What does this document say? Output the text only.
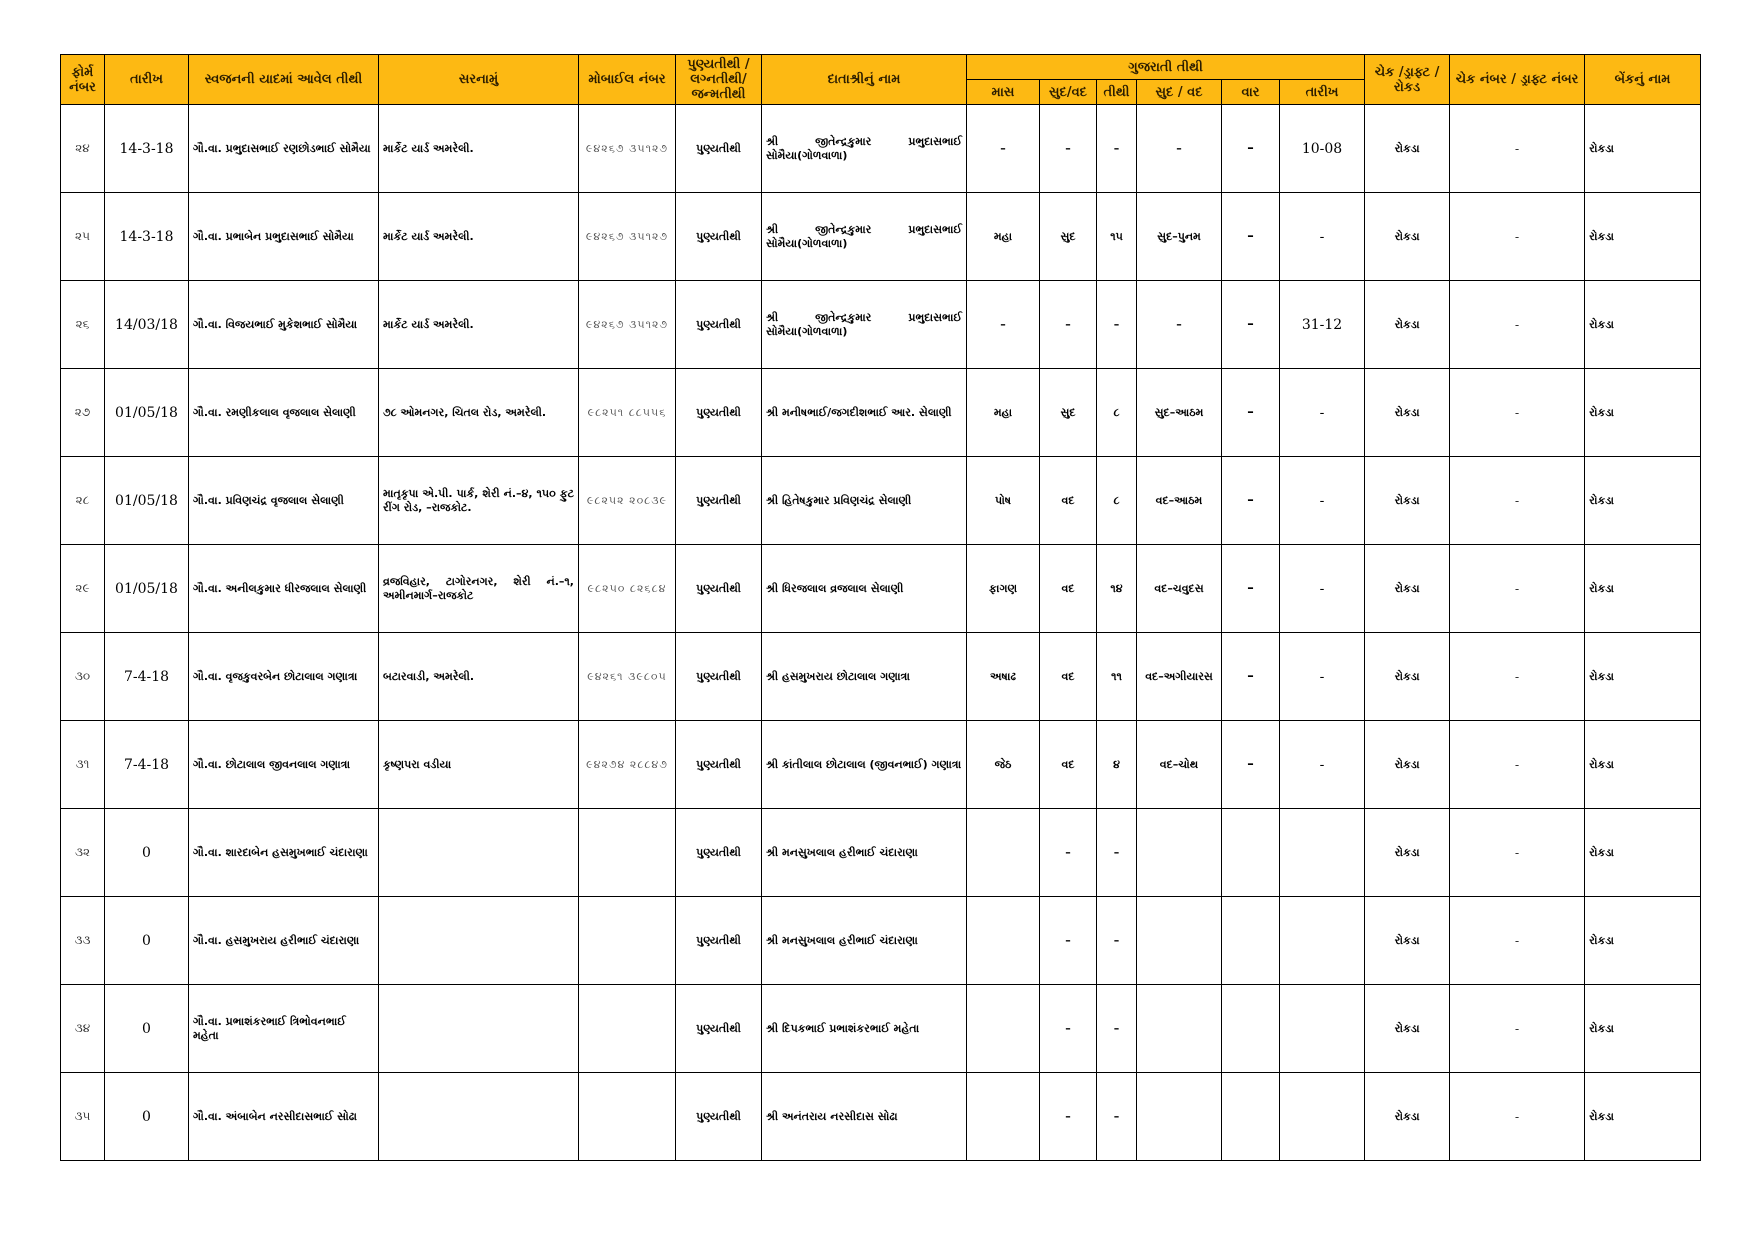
ફોર્મ નંબર	તારીખ	સ્વજનની યાદમાં આવેલ તીથી	સરનામું	મોબાઈલ નંબર	પુણ્યતીથી / લગ્નતીથી/ જન્મતીથી	દાતાશ્રીનું નામ	ગુજરાતી તીથી						ચેક /ડ્રાફ્ટ / રોકડ	ચેક નંબર / ડ્રાફ્ટ નંબર	બેંકનું નામ
							માસ	સુદ/વદ	તીથી	સુદ / વદ	વાર	તારીખ			
૨૪	14-3-18	ગૌ.વા. પ્રભુદાસભાઈ રણછોડભાઈ સોમૈયા	માર્કેટ યાર્ડ અમરેલી.	૯૪૨૬૭ ૩૫૧૨૭	પુણ્યતીથી	શ્રી જીતેન્દ્રકુમાર પ્રભુદાસભાઈ સોમૈયા(ગોળવાળા)	–	–	–	–	–	10-08	રોકડા	-	રોકડા
૨૫	14-3-18	ગૌ.વા. પ્રભાબેન પ્રભુદાસભાઈ સોમૈયા	માર્કેટ યાર્ડ અમરેલી.	૯૪૨૬૭ ૩૫૧૨૭	પુણ્યતીથી	શ્રી જીતેન્દ્રકુમાર પ્રભુદાસભાઈ સોમૈયા(ગોળવાળા)	મહા	સુદ	૧૫	સુદ–પુનમ	–	-	રોકડા	-	રોકડા
૨૬	14/03/18	ગૌ.વા. વિજયભાઈ મુકેશભાઈ સોમૈયા	માર્કેટ યાર્ડ અમરેલી.	૯૪૨૬૭ ૩૫૧૨૭	પુણ્યતીથી	શ્રી જીતેન્દ્રકુમાર પ્રભુદાસભાઈ સોમૈયા(ગોળવાળા)	–	–	–	–	–	31-12	રોકડા	-	રોકડા
૨૭	01/05/18	ગૌ.વા. રમણીકલાલ વૃજલાલ સેલાણી	૭૮ ઓમનગર, ચિતલ રોડ, અમરેલી.	૯૮૨૫૧ ૮૮૫૫૬	પુણ્યતીથી	શ્રી મનીષભાઈ/જગદીશભાઈ આર. સેલાણી	મહા	સુદ	૮	સુદ–આઠમ	–	-	રોકડા	-	રોકડા
૨૮	01/05/18	ગૌ.વા. પ્રવિણચંદ્ર વૃજલાલ સેલાણી	માતૃકૃપા એ.પી. પાર્ક, શેરી નં.–૪, ૧૫૦ ફુટ રીંગ રોડ, –રાજકોટ.	૯૮૨૫૨ ૨૦૮૩૯	પુણ્યતીથી	શ્રી હિતેષકુમાર પ્રવિણચંદ્ર સેલાણી	પોષ	વદ	૮	વદ–આઠમ	–	-	રોકડા	-	રોકડા
૨૯	01/05/18	ગૌ.વા. અનીલકુમાર ધીરજલાલ સેલાણી	વ્રજવિહાર, ટાગોરનગર, શેરી નં.–૧, અમીનમાર્ગ–રાજકોટ	૯૮૨૫૦ ૮૨૬૮૪	પુણ્યતીથી	શ્રી ધિરજલાલ વ્રજલાલ સેલાણી	ફાગણ	વદ	૧૪	વદ–ચવુદસ	–	-	રોકડા	-	રોકડા
૩૦	7-4-18	ગૌ.વા. વૃજકુવરબેન છોટાલાલ ગણાત્રા	બટારવાડી, અમરેલી.	૯૪૨૬૧ ૩૯૮૦૫	પુણ્યતીથી	શ્રી હસમુખરાય છોટાલાલ ગણાત્રા	અષાઢ	વદ	૧૧	વદ–અગીયારસ	–	-	રોકડા	-	રોકડા
૩૧	7-4-18	ગૌ.વા. છોટાલાલ જીવનલાલ ગણાત્રા	કૃષ્ણપરા વડીયા	૯૪૨૭૪ ૨૮૮૪૭	પુણ્યતીથી	શ્રી કાંતીલાલ છોટાલાલ (જીવનભાઈ) ગણાત્રા	જેઠ	વદ	૪	વદ–ચોથ	–	-	રોકડા	-	રોકડા
૩૨	0	ગૌ.વા. શારદાબેન હસમુખભાઈ ચંદારાણા			પુણ્યતીથી	શ્રી મનસુખલાલ હરીભાઈ ચંદારાણા		–	–				રોકડા	-	રોકડા
૩૩	0	ગૌ.વા. હસમુખરાય હરીભાઈ ચંદારાણા			પુણ્યતીથી	શ્રી મનસુખલાલ હરીભાઈ ચંદારાણા		–	–				રોકડા	-	રોકડા
૩૪	0	ગૌ.વા. પ્રભાશંકરભાઈ ત્રિભોવનભાઈ મહેતા			પુણ્યતીથી	શ્રી દિપકભાઈ પ્રભાશંકરભાઈ મહેતા		–	–				રોકડા	-	રોકડા
૩૫	0	ગૌ.વા. અંબાબેન નરસીદાસભાઈ સોઢા			પુણ્યતીથી	શ્રી અનંતરાય નરસીદાસ સોઢા		–	–				રોકડા	-	રોકડા
